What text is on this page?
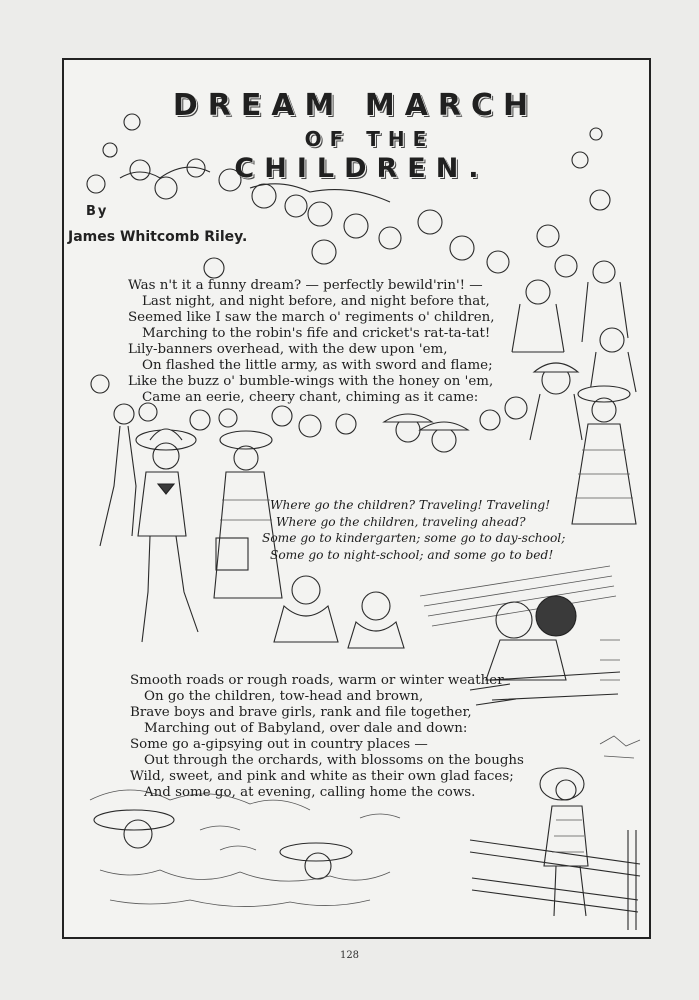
DREAM MARCH
OF THE
CHILDREN.
By
James Whitcomb Riley.
Was n't it a funny dream? — perfectly bewild'rin'! —
Last night, and night before, and night before that,
Seemed like I saw the march o' regiments o' children,
Marching to the robin's fife and cricket's rat-ta-tat!
Lily-banners overhead, with the dew upon 'em,
On flashed the little army, as with sword and flame;
Like the buzz o' bumble-wings with the honey on 'em,
Came an eerie, cheery chant, chiming as it came:
Where go the children? Traveling! Traveling!
Where go the children, traveling ahead?
Some go to kindergarten; some go to day-school;
Some go to night-school; and some go to bed!
Smooth roads or rough roads, warm or winter weather
On go the children, tow-head and brown,
Brave boys and brave girls, rank and file together,
Marching out of Babyland, over dale and down:
Some go a-gipsying out in country places —
Out through the orchards, with blossoms on the boughs
Wild, sweet, and pink and white as their own glad faces;
And some go, at evening, calling home the cows.
128
